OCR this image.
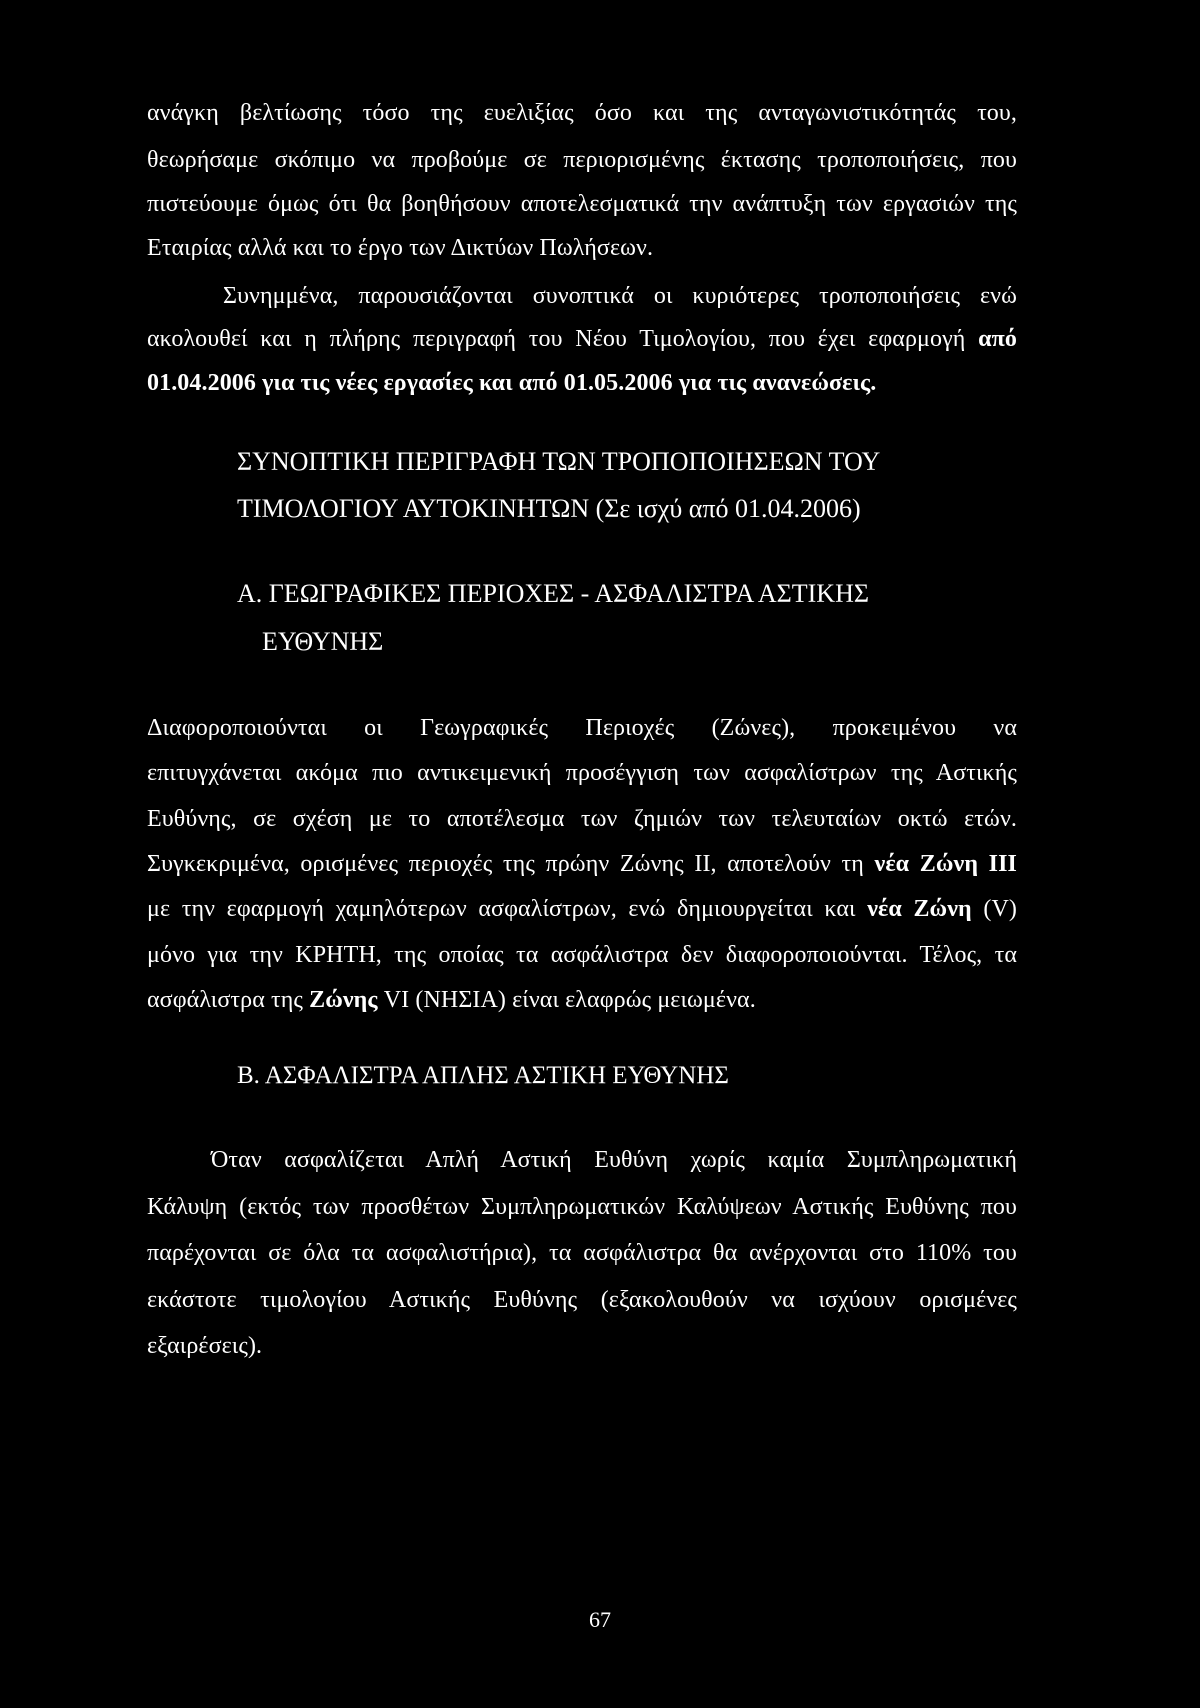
ανάγκη βελτίωσης τόσο της ευελιξίας όσο και της ανταγωνιστικότητάς του,
θεωρήσαμε σκόπιμο να προβούμε σε περιορισμένης έκτασης τροποποιήσεις, που
πιστεύουμε όμως ότι θα βοηθήσουν αποτελεσματικά την ανάπτυξη των εργασιών της
Εταιρίας αλλά και το έργο των Δικτύων Πωλήσεων.
Συνημμένα, παρουσιάζονται συνοπτικά οι κυριότερες τροποποιήσεις ενώ
ακολουθεί και η πλήρης περιγραφή του Νέου Τιμολογίου, που έχει εφαρμογή από
01.04.2006 για τις νέες εργασίες και από 01.05.2006 για τις ανανεώσεις.
ΣΥΝΟΠΤΙΚΗ ΠΕΡΙΓΡΑΦΗ ΤΩΝ ΤΡΟΠΟΠΟΙΗΣΕΩΝ ΤΟΥ
ΤΙΜΟΛΟΓΙΟΥ ΑΥΤΟΚΙΝΗΤΩΝ (Σε ισχύ από 01.04.2006)
Α. ΓΕΩΓΡΑΦΙΚΕΣ ΠΕΡΙΟΧΕΣ - ΑΣΦΑΛΙΣΤΡΑ ΑΣΤΙΚΗΣ
ΕΥΘΥΝΗΣ
Διαφοροποιούνται οι Γεωγραφικές Περιοχές (Ζώνες), προκειμένου να
επιτυγχάνεται ακόμα πιο αντικειμενική προσέγγιση των ασφαλίστρων της Αστικής
Ευθύνης, σε σχέση με το αποτέλεσμα των ζημιών των τελευταίων οκτώ ετών.
Συγκεκριμένα, ορισμένες περιοχές της πρώην Ζώνης ΙΙ, αποτελούν τη νέα Ζώνη ΙΙΙ
με την εφαρμογή χαμηλότερων ασφαλίστρων, ενώ δημιουργείται και νέα Ζώνη (V)
μόνο για την ΚΡΗΤΗ, της οποίας τα ασφάλιστρα δεν διαφοροποιούνται. Τέλος, τα
ασφάλιστρα της Ζώνης VI (ΝΗΣΙΑ) είναι ελαφρώς μειωμένα.
Β. ΑΣΦΑΛΙΣΤΡΑ ΑΠΛΗΣ ΑΣΤΙΚΗ ΕΥΘΥΝΗΣ
Όταν ασφαλίζεται Απλή Αστική Ευθύνη χωρίς καμία Συμπληρωματική
Κάλυψη (εκτός των προσθέτων Συμπληρωματικών Καλύψεων Αστικής Ευθύνης που
παρέχονται σε όλα τα ασφαλιστήρια), τα ασφάλιστρα θα ανέρχονται στο 110% του
εκάστοτε τιμολογίου Αστικής Ευθύνης (εξακολουθούν να ισχύουν ορισμένες
εξαιρέσεις).
67
